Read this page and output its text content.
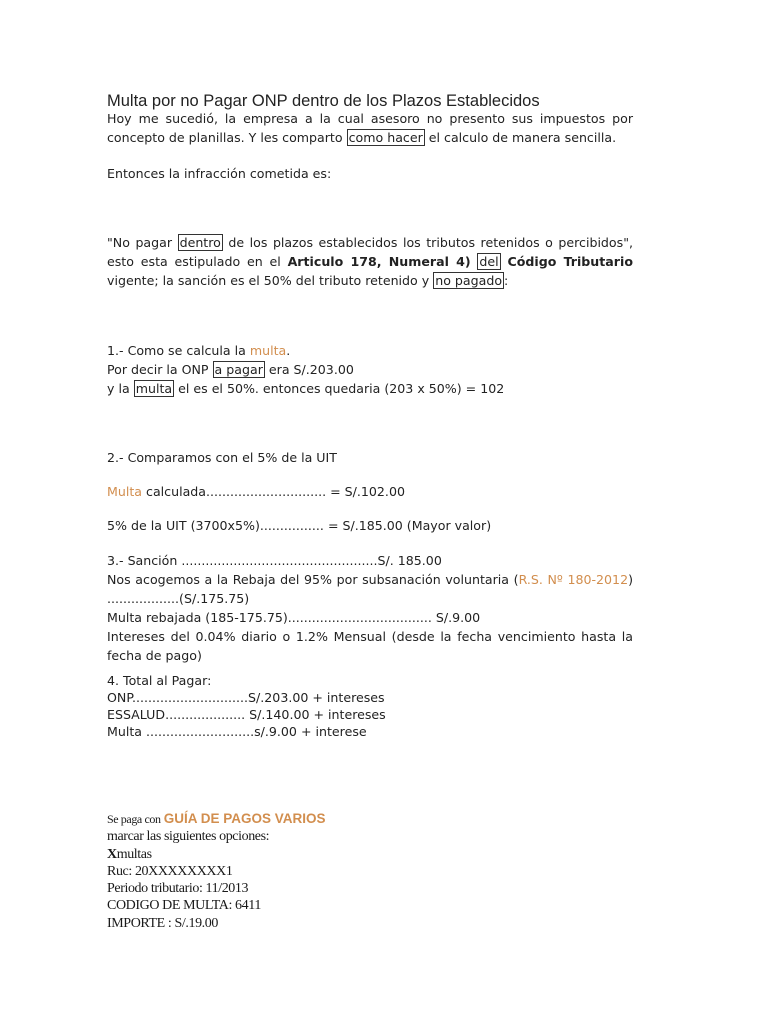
Multa por no Pagar ONP dentro de los Plazos Establecidos
Hoy me sucedió, la empresa a la cual asesoro no presento sus impuestos por concepto de planillas. Y les comparto como hacer el calculo de manera sencilla.
Entonces la infracción cometida es:
"No pagar dentro de los plazos establecidos los tributos retenidos o percibidos", esto esta estipulado en el Articulo 178, Numeral 4) del Código Tributario vigente; la sanción es el 50% del tributo retenido y no pagado :
1.- Como se calcula la multa.
Por decir la ONP a pagar era S/.203.00
y la multa el es el 50%. entonces quedaria (203 x 50%) = 102
2.- Comparamos con el 5% de la UIT
Multa calculada.............................. = S/.102.00
5% de la UIT (3700x5%)................ = S/.185.00 (Mayor valor)
3.- Sanción .................................................S/. 185.00
Nos acogemos a la Rebaja del 95% por subsanación voluntaria (R.S. Nº 180-2012)
..................(S/.175.75)
Multa rebajada (185-175.75).................................... S/.9.00
Intereses del 0.04% diario o 1.2% Mensual (desde la fecha vencimiento hasta la fecha de pago)
4. Total al Pagar:
ONP.............................S/.203.00 + intereses
ESSALUD.................... S/.140.00 + intereses
Multa ...........................s/.9.00 + interese
Se paga con GUÍA DE PAGOS VARIOS
marcar las siguientes opciones:
Xmultas
Ruc: 20XXXXXXXX1
Periodo tributario: 11/2013
CODIGO DE MULTA: 6411
IMPORTE : S/.19.00
